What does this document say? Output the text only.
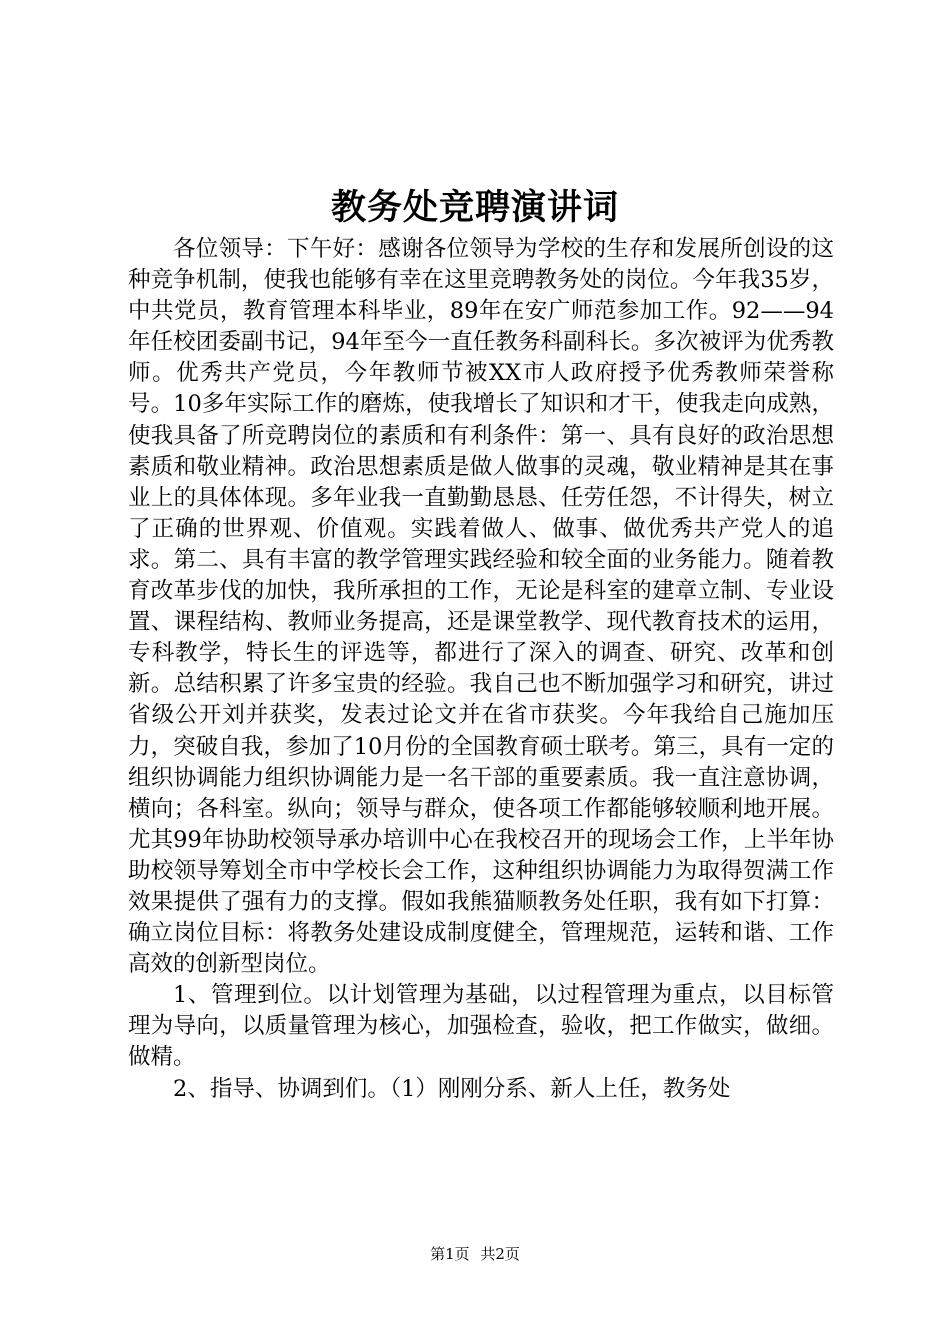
教务处竞聘演讲词

各位领导：下午好：感谢各位领导为学校的生存和发展所创设的这种竞争机制，使我也能够有幸在这里竞聘教务处的岗位。今年我35岁，中共党员，教育管理本科毕业，89年在安广师范参加工作。92——94年任校团委副书记，94年至今一直任教务科副科长。多次被评为优秀教师。优秀共产党员，今年教师节被XX市人政府授予优秀教师荣誉称号。10多年实际工作的磨炼，使我增长了知识和才干，使我走向成熟，使我具备了所竞聘岗位的素质和有利条件：第一、具有良好的政治思想素质和敬业精神。政治思想素质是做人做事的灵魂，敬业精神是其在事业上的具体体现。多年业我一直勤勤恳恳、任劳任怨，不计得失，树立了正确的世界观、价值观。实践着做人、做事、做优秀共产党人的追求。第二、具有丰富的教学管理实践经验和较全面的业务能力。随着教育改革步伐的加快，我所承担的工作，无论是科室的建章立制、专业设置、课程结构、教师业务提高，还是课堂教学、现代教育技术的运用，专科教学，特长生的评选等，都进行了深入的调查、研究、改革和创新。总结积累了许多宝贵的经验。我自己也不断加强学习和研究，讲过省级公开刘并获奖，发表过论文并在省市获奖。今年我给自己施加压力，突破自我，参加了10月份的全国教育硕士联考。第三，具有一定的组织协调能力组织协调能力是一名干部的重要素质。我一直注意协调，横向；各科室。纵向；领导与群众，使各项工作都能够较顺利地开展。尤其99年协助校领导承办培训中心在我校召开的现场会工作，上半年协助校领导筹划全市中学校长会工作，这种组织协调能力为取得贺满工作效果提供了强有力的支撑。假如我熊猫顺教务处任职，我有如下打算：确立岗位目标：将教务处建设成制度健全，管理规范，运转和谐、工作高效的创新型岗位。

1、管理到位。以计划管理为基础，以过程管理为重点，以目标管理为导向，以质量管理为核心，加强检查，验收，把工作做实，做细。做精。

2、指导、协调到们。（1）刚刚分系、新人上任，教务处

第1页 共2页
